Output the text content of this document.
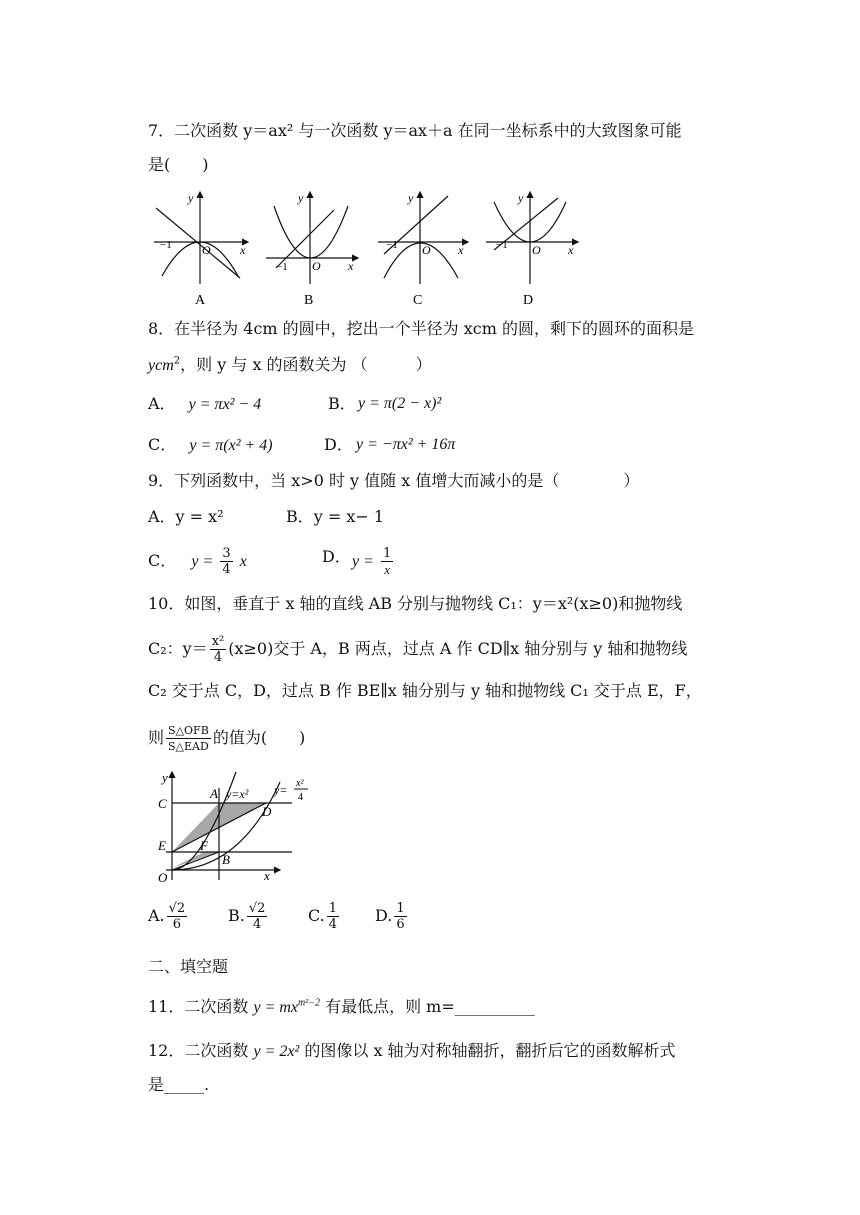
7．二次函数 y＝ax² 与一次函数 y＝ax＋a 在同一坐标系中的大致图象可能
是(　　)
y
x
O
−1
A
y
x
O
−1
B
y
x
O
−1
C
y
x
O
−1
D
8．在半径为 4cm 的圆中，挖出一个半径为 xcm 的圆，剩下的圆环的面积是
ycm$^2$，则 y 与 x 的函数关为 （　　　）
A． y = πx² − 4	B． y = π(2 − x)²
C． y = π(x² + 4)	D． y = −πx² + 16π
9．下列函数中，当 x>0 时 y 值随 x 值增大而减小的是（　　　　）
A．y = x²	B．y = x− 1
C． $y = \frac{3}{4}$ x	D． $y = \frac{1}{x}$
10．如图，垂直于 x 轴的直线 AB 分别与抛物线 C₁：y＝x²(x≥0)和抛物线
C₂：$y= \frac{\text{x²}}{4} (x\ge 0)$交于 A，B 两点，过点 A 作 CD∥x 轴分别与 y 轴和抛物线
C₂ 交于点 C，D，过点 B 作 BE∥x 轴分别与 y 轴和抛物线 C₁ 交于点 E，F，
则 $\frac{\text{S△OFB}}{\text{S△EAD}}$ 的值为(　　)
y
x
C
E
O
A
F
B
D
y=x² y= x²
4
A. $\frac{√2}{6}$	B. $\frac{√2}{4}$	C. $\frac{1}{4} D$. $\frac{1}{6}$
二、填空题
11．二次函数 $y = mx^{m^2-2}$ 有最低点，则 m=__________
12．二次函数 y = 2x² 的图像以 x 轴为对称轴翻折，翻折后它的函数解析式
是_____.
